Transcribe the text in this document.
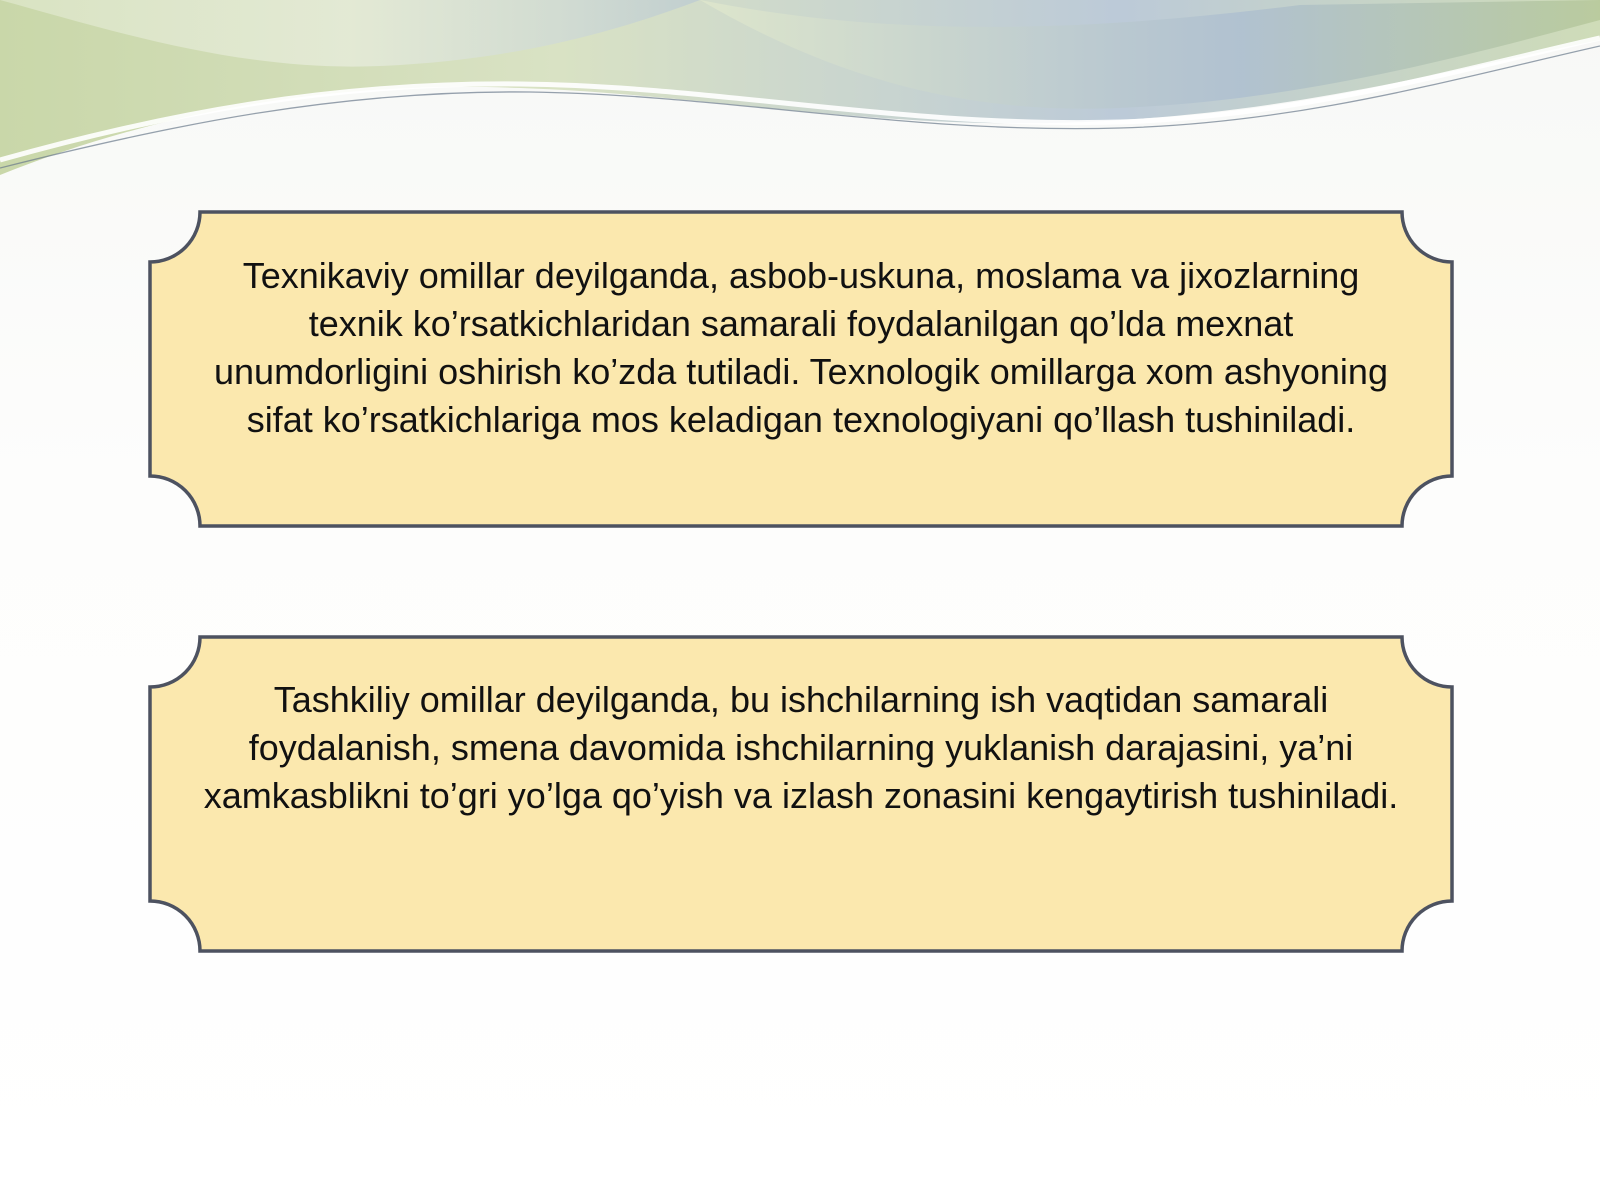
Texnikaviy omillar deyilganda, asbob-uskuna, moslama va jixozlarning texnik ko’rsatkichlaridan samarali foydalanilgan qo’lda mexnat unumdorligini oshirish ko’zda tutiladi. Texnologik omillarga xom ashyoning sifat ko’rsatkichlariga mos keladigan texnologiyani qo’llash tushiniladi.
Tashkiliy omillar deyilganda, bu ishchilarning ish vaqtidan samarali foydalanish, smena davomida ishchilarning yuklanish darajasini, ya’ni xamkasblikni to’gri yo’lga qo’yish va izlash zonasini kengaytirish tushiniladi.
